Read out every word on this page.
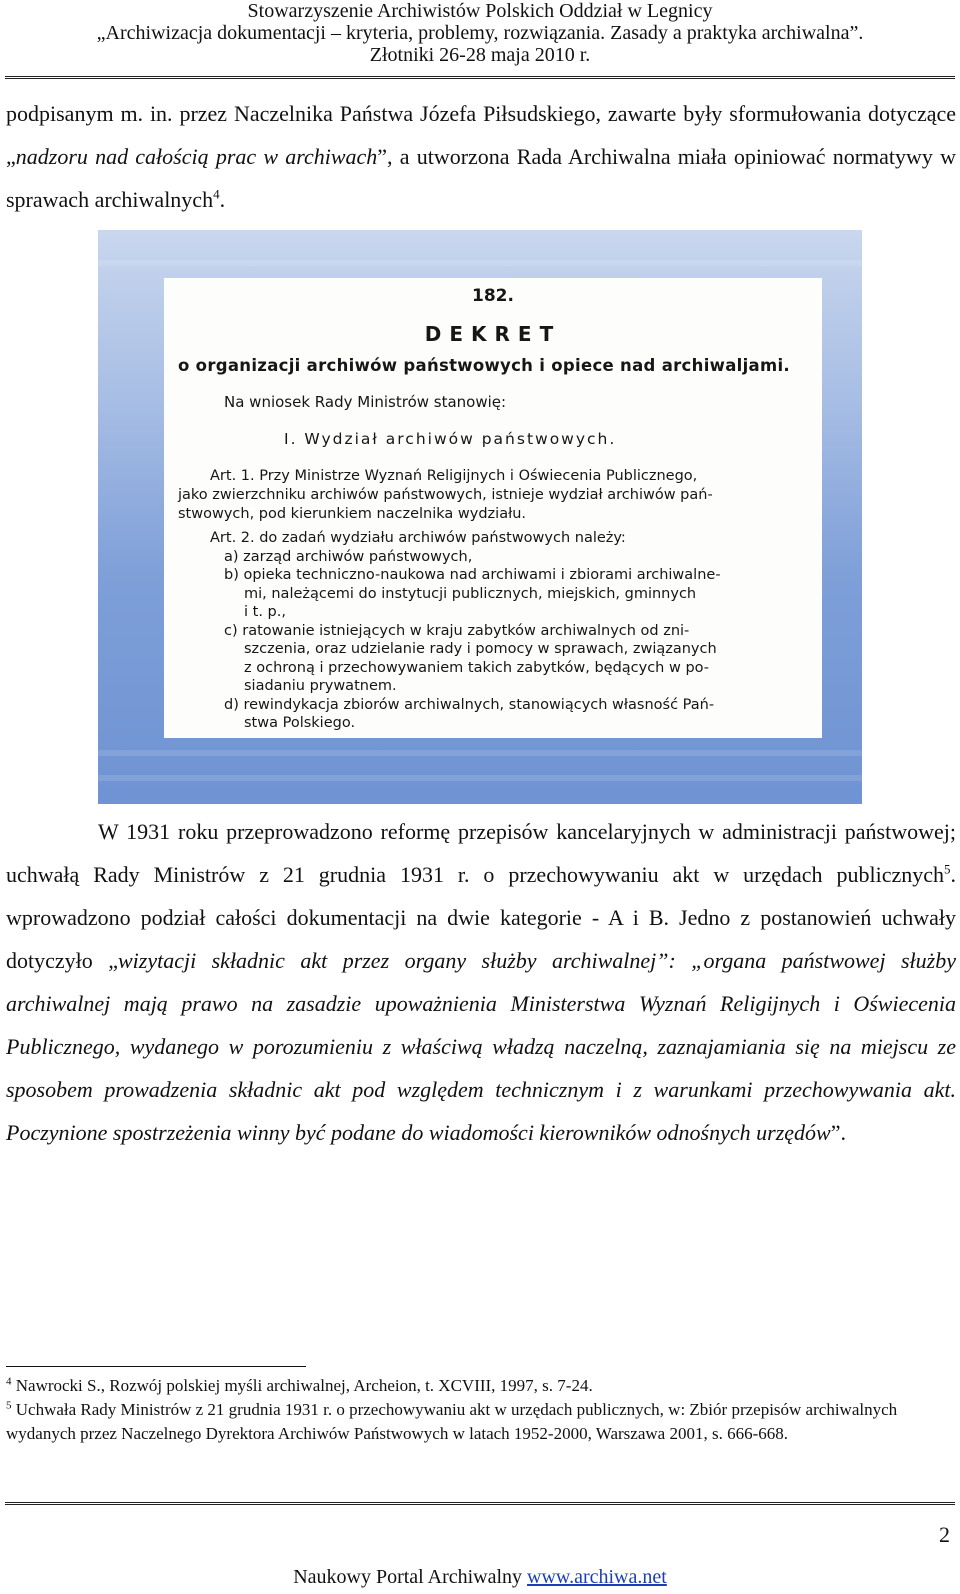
Stowarzyszenie Archiwistów Polskich Oddział w Legnicy
„Archiwizacja dokumentacji – kryteria, problemy, rozwiązania. Zasady a praktyka archiwalna”.
Złotniki 26-28 maja 2010 r.
podpisanym m. in. przez Naczelnika Państwa Józefa Piłsudskiego, zawarte były sformułowania dotyczące „nadzoru nad całością prac w archiwach”, a utworzona Rada Archiwalna miała opiniować normatywy w sprawach archiwalnych$^4$.
182.
DEKRET
o organizacji archiwów państwowych i opiece nad archiwaljami.
Na wniosek Rady Ministrów stanowię:
I. Wydział archiwów państwowych.
Art. 1. Przy Ministrze Wyznań Religijnych i Oświecenia Publicznego,
jako zwierzchniku archiwów państwowych, istnieje wydział archiwów pań-
stwowych, pod kierunkiem naczelnika wydziału.
Art. 2. do zadań wydziału archiwów państwowych należy:
a) zarząd archiwów państwowych,
b) opieka techniczno-naukowa nad archiwami i zbiorami archiwalne-
mi, należącemi do instytucji publicznych, miejskich, gminnych
i t. p.,
c) ratowanie istniejących w kraju zabytków archiwalnych od zni-
szczenia, oraz udzielanie rady i pomocy w sprawach, związanych
z ochroną i przechowywaniem takich zabytków, będących w po-
siadaniu prywatnem.
d) rewindykacja zbiorów archiwalnych, stanowiących własność Pań-
stwa Polskiego.
W 1931 roku przeprowadzono reformę przepisów kancelaryjnych w administracji państwowej; uchwałą Rady Ministrów z 21 grudnia 1931 r. o przechowywaniu akt w urzędach publicznych$^5$. wprowadzono podział całości dokumentacji na dwie kategorie - A i B. Jedno z postanowień uchwały dotyczyło „wizytacji składnic akt przez organy służby archiwalnej”: „organa państwowej służby archiwalnej mają prawo na zasadzie upoważnienia Ministerstwa Wyznań Religijnych i Oświecenia Publicznego, wydanego w porozumieniu z właściwą władzą naczelną, zaznajamiania się na miejscu ze sposobem prowadzenia składnic akt pod względem technicznym i z warunkami przechowywania akt. Poczynione spostrzeżenia winny być podane do wiadomości kierowników odnośnych urzędów”.
$^4$ Nawrocki S., Rozwój polskiej myśli archiwalnej, Archeion, t. XCVIII, 1997, s. 7-24.
$^5$ Uchwała Rady Ministrów z 21 grudnia 1931 r. o przechowywaniu akt w urzędach publicznych, w: Zbiór przepisów archiwalnych wydanych przez Naczelnego Dyrektora Archiwów Państwowych w latach 1952-2000, Warszawa 2001, s. 666-668.
2
Naukowy Portal Archiwalny www.archiwa.net
